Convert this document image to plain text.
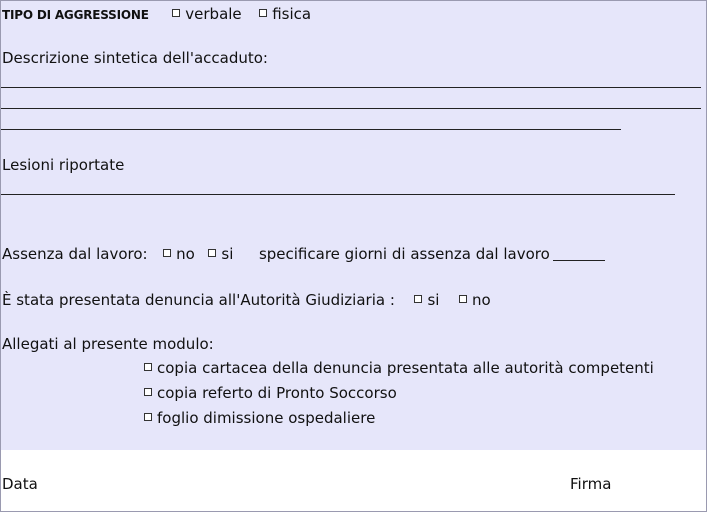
TIPO DI AGGRESSIONE verbale fisica
Descrizione sintetica dell'accaduto:
Lesioni riportate
Assenza dal lavoro: no si specificare giorni di assenza dal lavoro
È stata presentata denuncia all'Autorità Giudiziaria : si no
Allegati al presente modulo:
copia cartacea della denuncia presentata alle autorità competenti
copia referto di Pronto Soccorso
foglio dimissione ospedaliere
Data	Firma
